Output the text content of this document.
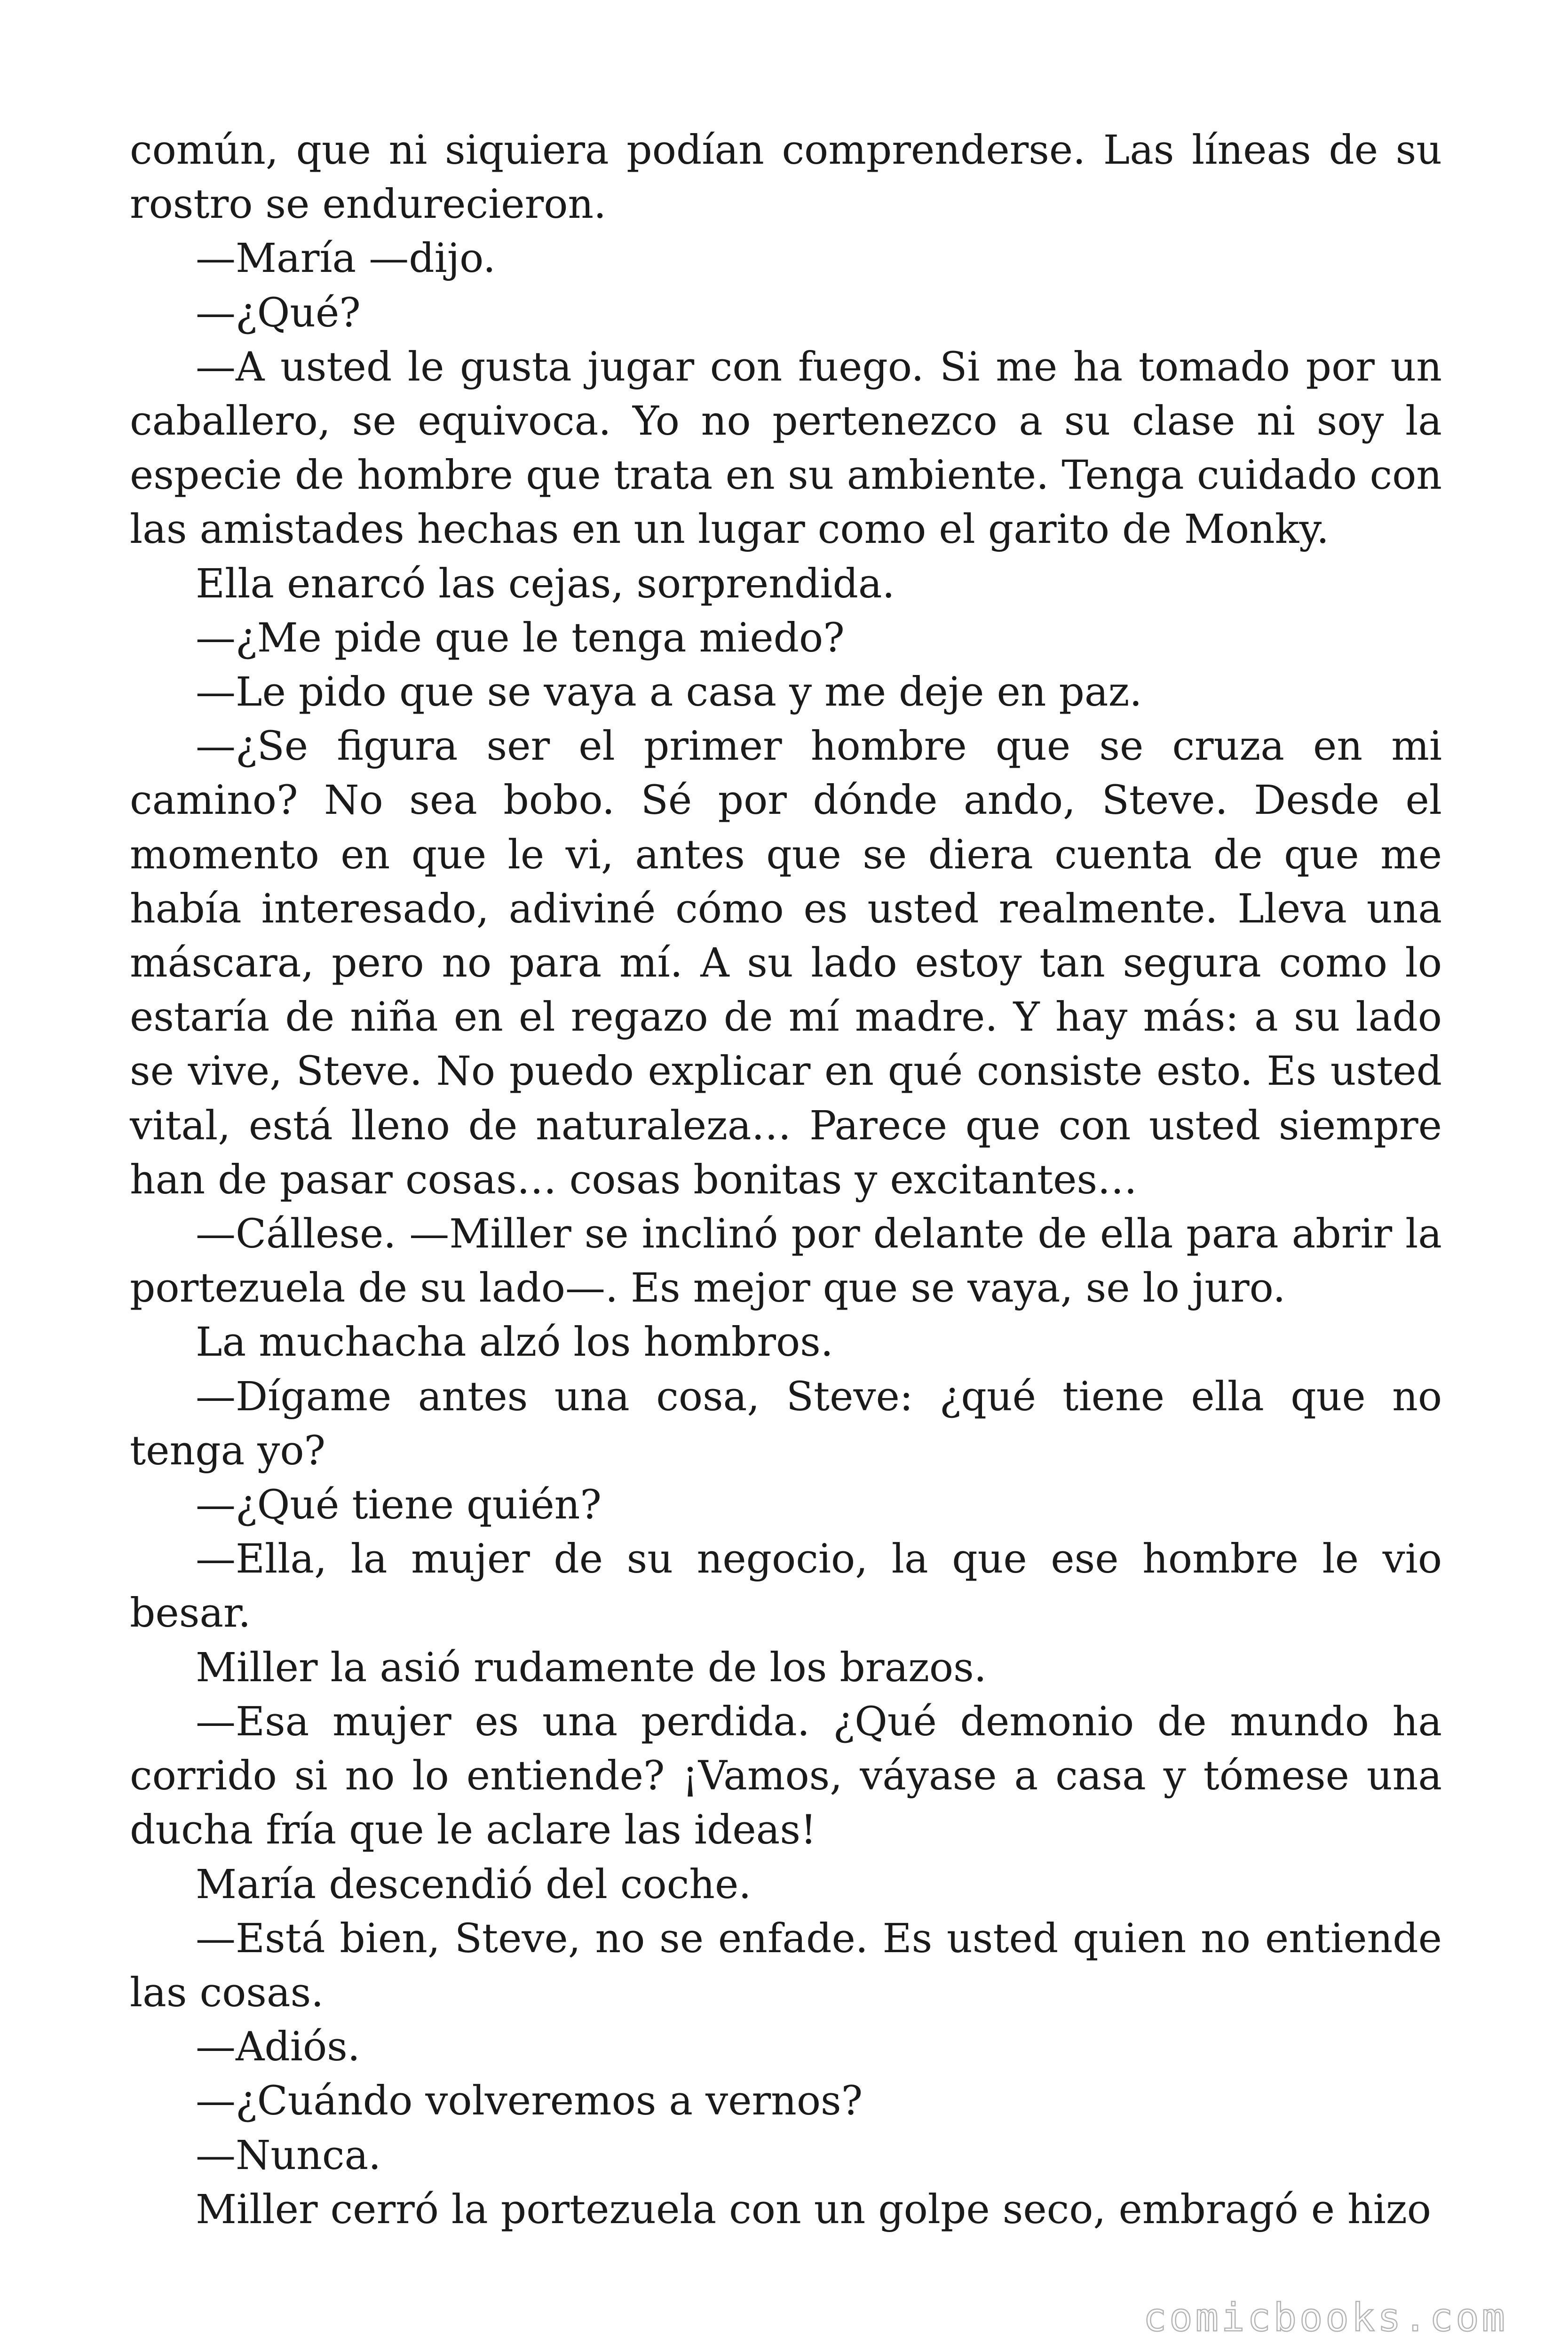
común, que ni siquiera podían comprenderse. Las líneas de su rostro se endurecieron.

—María —dijo.

—¿Qué?

—A usted le gusta jugar con fuego. Si me ha tomado por un caballero, se equivoca. Yo no pertenezco a su clase ni soy la especie de hombre que trata en su ambiente. Tenga cuidado con las amistades hechas en un lugar como el garito de Monky.

Ella enarcó las cejas, sorprendida.

—¿Me pide que le tenga miedo?

—Le pido que se vaya a casa y me deje en paz.

—¿Se figura ser el primer hombre que se cruza en mi camino? No sea bobo. Sé por dónde ando, Steve. Desde el momento en que le vi, antes que se diera cuenta de que me había interesado, adiviné cómo es usted realmente. Lleva una máscara, pero no para mí. A su lado estoy tan segura como lo estaría de niña en el regazo de mí madre. Y hay más: a su lado se vive, Steve. No puedo explicar en qué consiste esto. Es usted vital, está lleno de naturaleza… Parece que con usted siempre han de pasar cosas… cosas bonitas y excitantes…

—Cállese. —Miller se inclinó por delante de ella para abrir la portezuela de su lado—. Es mejor que se vaya, se lo juro.

La muchacha alzó los hombros.

—Dígame antes una cosa, Steve: ¿qué tiene ella que no tenga yo?

—¿Qué tiene quién?

—Ella, la mujer de su negocio, la que ese hombre le vio besar.

Miller la asió rudamente de los brazos.

—Esa mujer es una perdida. ¿Qué demonio de mundo ha corrido si no lo entiende? ¡Vamos, váyase a casa y tómese una ducha fría que le aclare las ideas!

María descendió del coche.

—Está bien, Steve, no se enfade. Es usted quien no entiende las cosas.

—Adiós.

—¿Cuándo volveremos a vernos?

—Nunca.

Miller cerró la portezuela con un golpe seco, embragó e hizo

comicbooks.com
